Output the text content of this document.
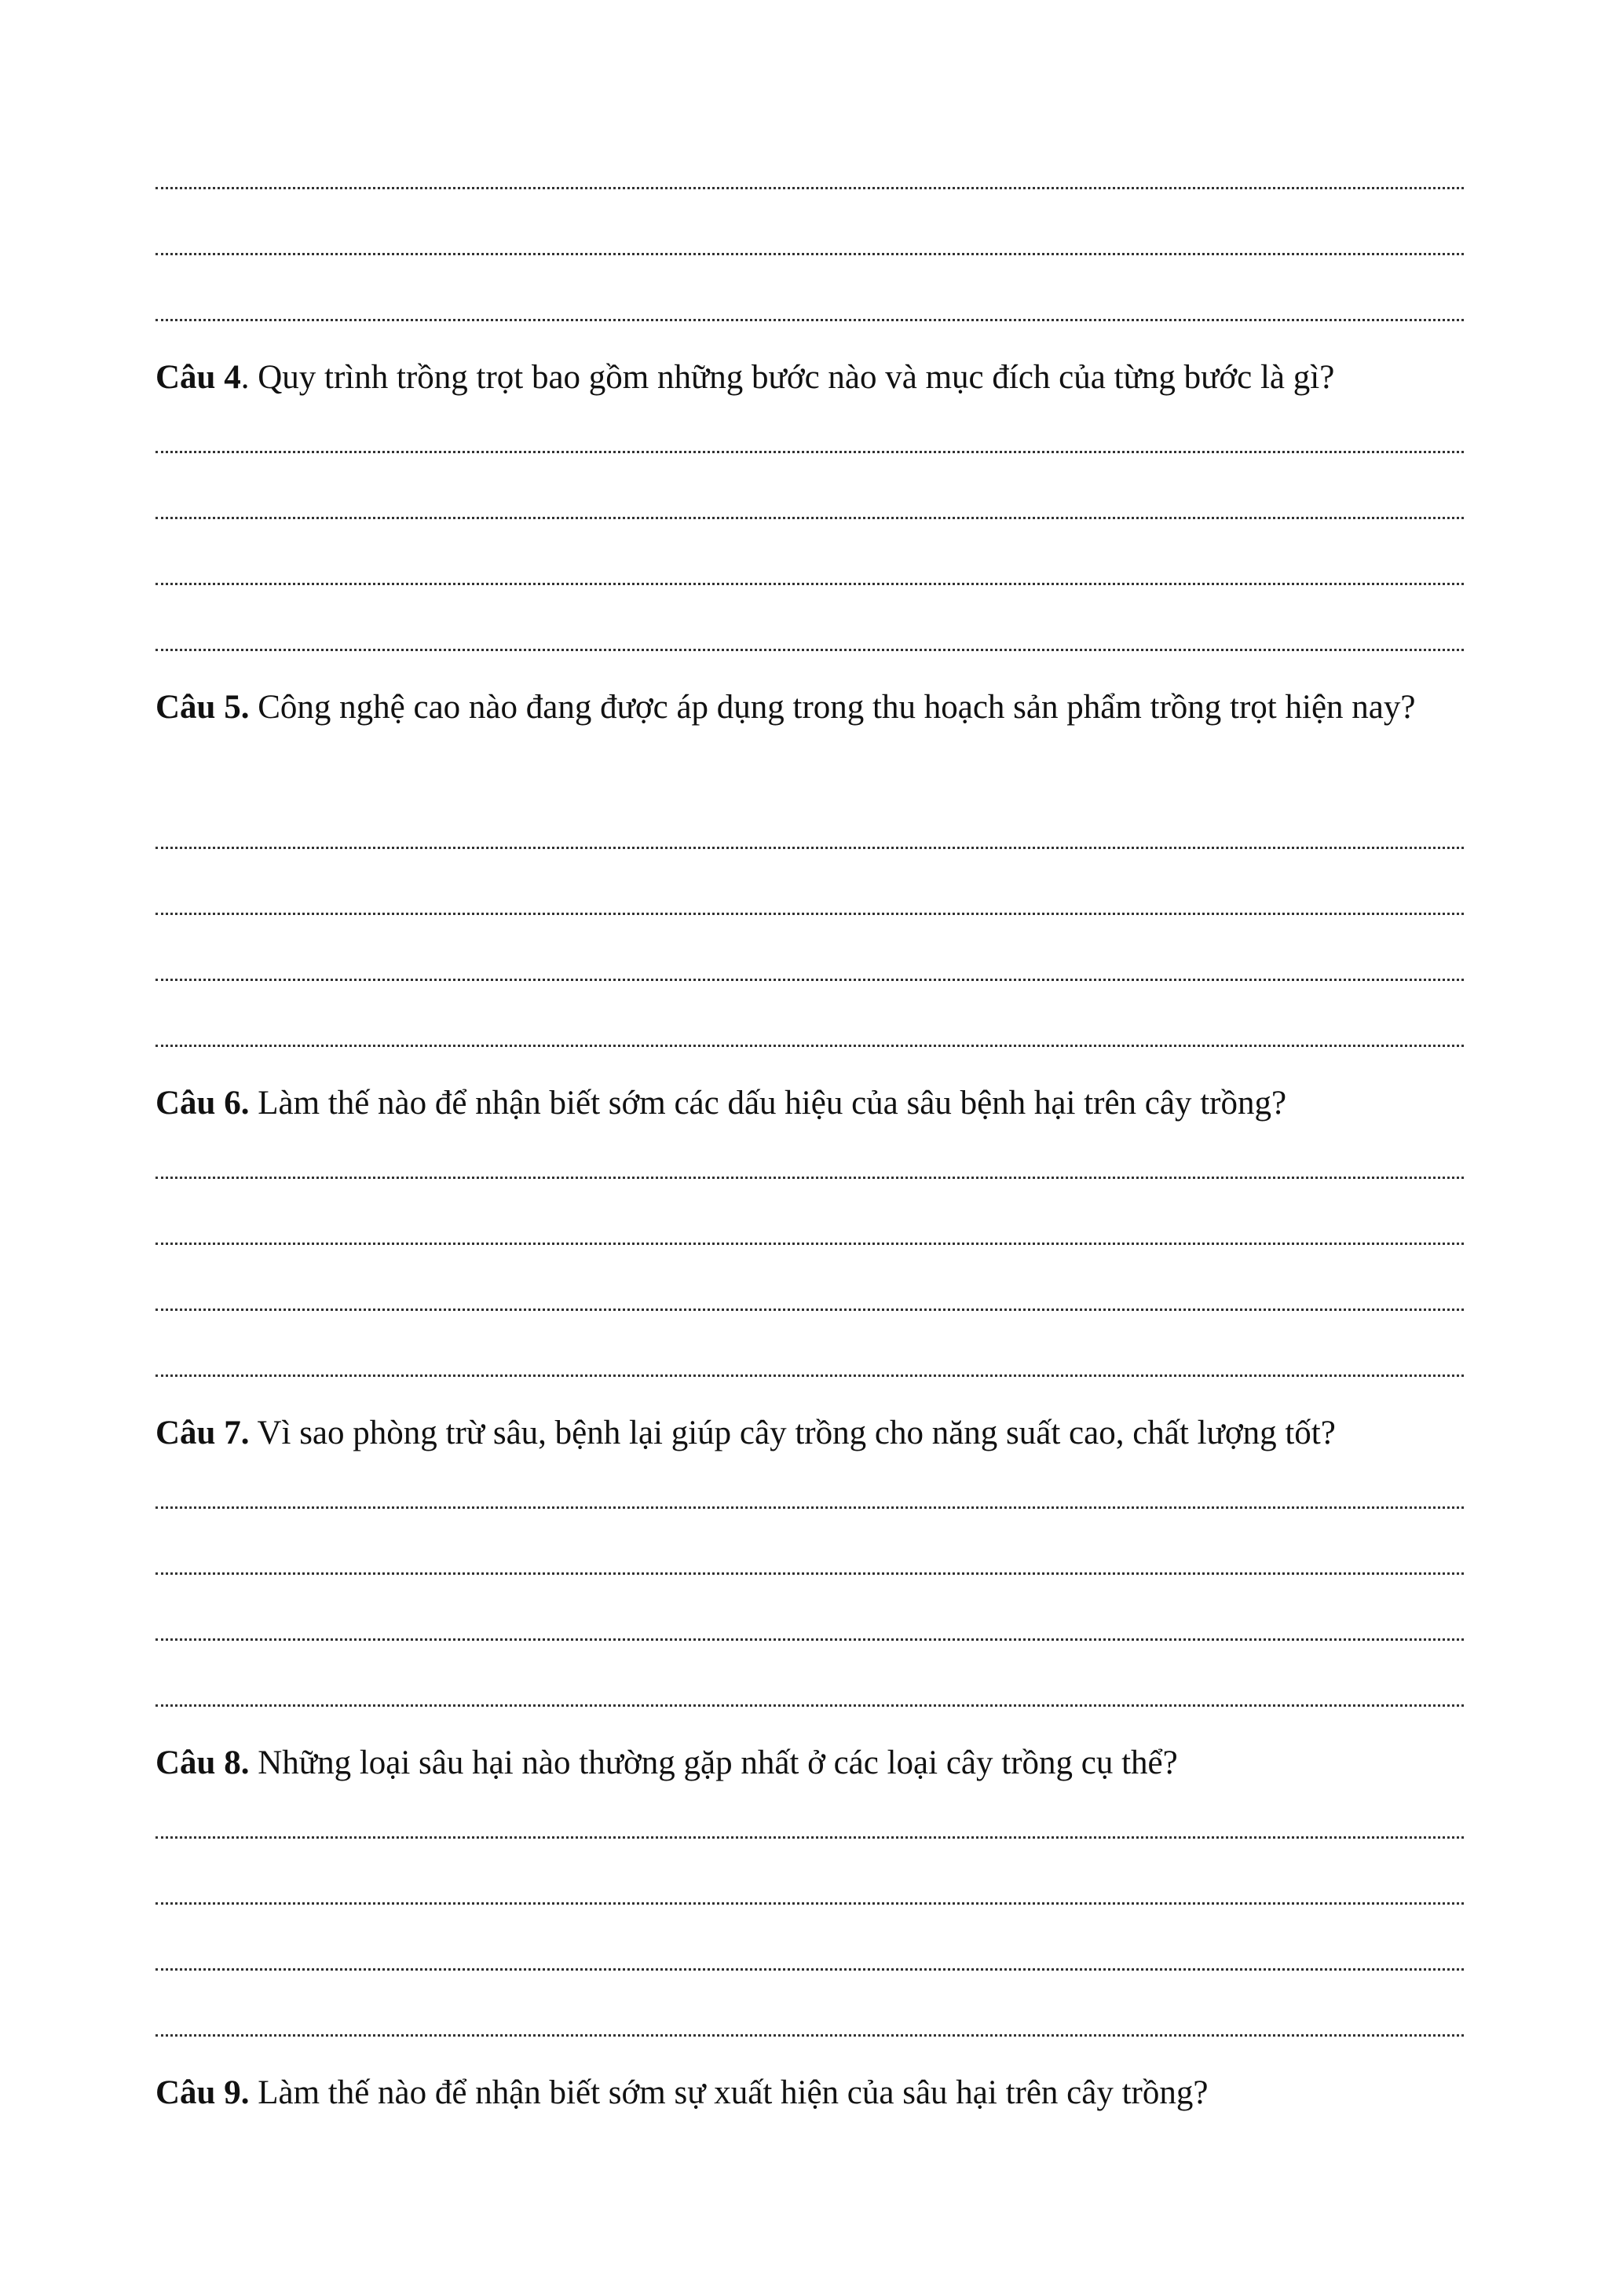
Câu 4. Quy trình trồng trọt bao gồm những bước nào và mục đích của từng bước là gì?

Câu 5. Công nghệ cao nào đang được áp dụng trong thu hoạch sản phẩm trồng trọt hiện nay?

Câu 6. Làm thế nào để nhận biết sớm các dấu hiệu của sâu bệnh hại trên cây trồng?

Câu 7. Vì sao phòng trừ sâu, bệnh lại giúp cây trồng cho năng suất cao, chất lượng tốt?

Câu 8. Những loại sâu hại nào thường gặp nhất ở các loại cây trồng cụ thể?

Câu 9. Làm thế nào để nhận biết sớm sự xuất hiện của sâu hại trên cây trồng?
